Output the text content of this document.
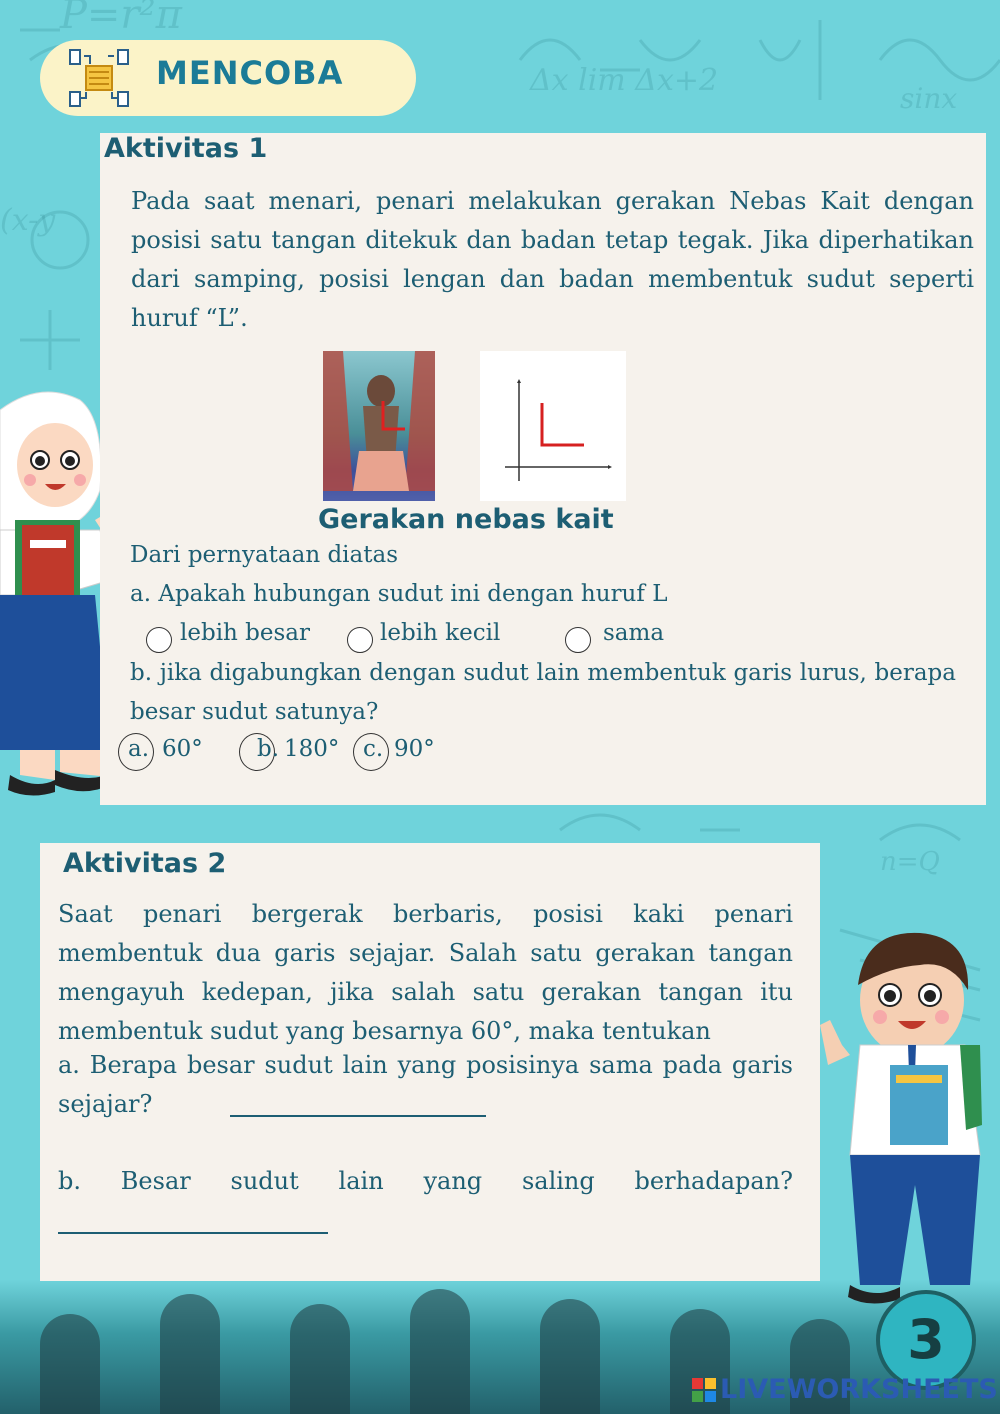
P=r²π
Δx lim Δx+2
sinx
(x-y
n=Q
MENCOBA
Aktivitas 1
Pada saat menari, penari melakukan gerakan Nebas Kait dengan posisi satu tangan ditekuk dan badan tetap tegak. Jika diperhatikan dari samping, posisi lengan dan badan membentuk sudut seperti huruf “L”.
Gerakan nebas kait
Dari pernyataan diatas
a. Apakah hubungan sudut ini dengan huruf L
lebih besar	lebih kecil	sama
b. jika digabungkan dengan sudut lain membentuk garis lurus, berapa besar sudut satunya?
a. 60° b. 180° c. 90°
Aktivitas 2
Saat penari bergerak berbaris, posisi kaki penari membentuk dua garis sejajar. Salah satu gerakan tangan mengayuh kedepan, jika salah satu gerakan tangan itu membentuk sudut yang besarnya 60°, maka tentukan
a. Berapa besar sudut lain yang posisinya sama pada garis sejajar?
b. Besar sudut lain yang saling berhadapan?
3
LIVEWORKSHEETS
